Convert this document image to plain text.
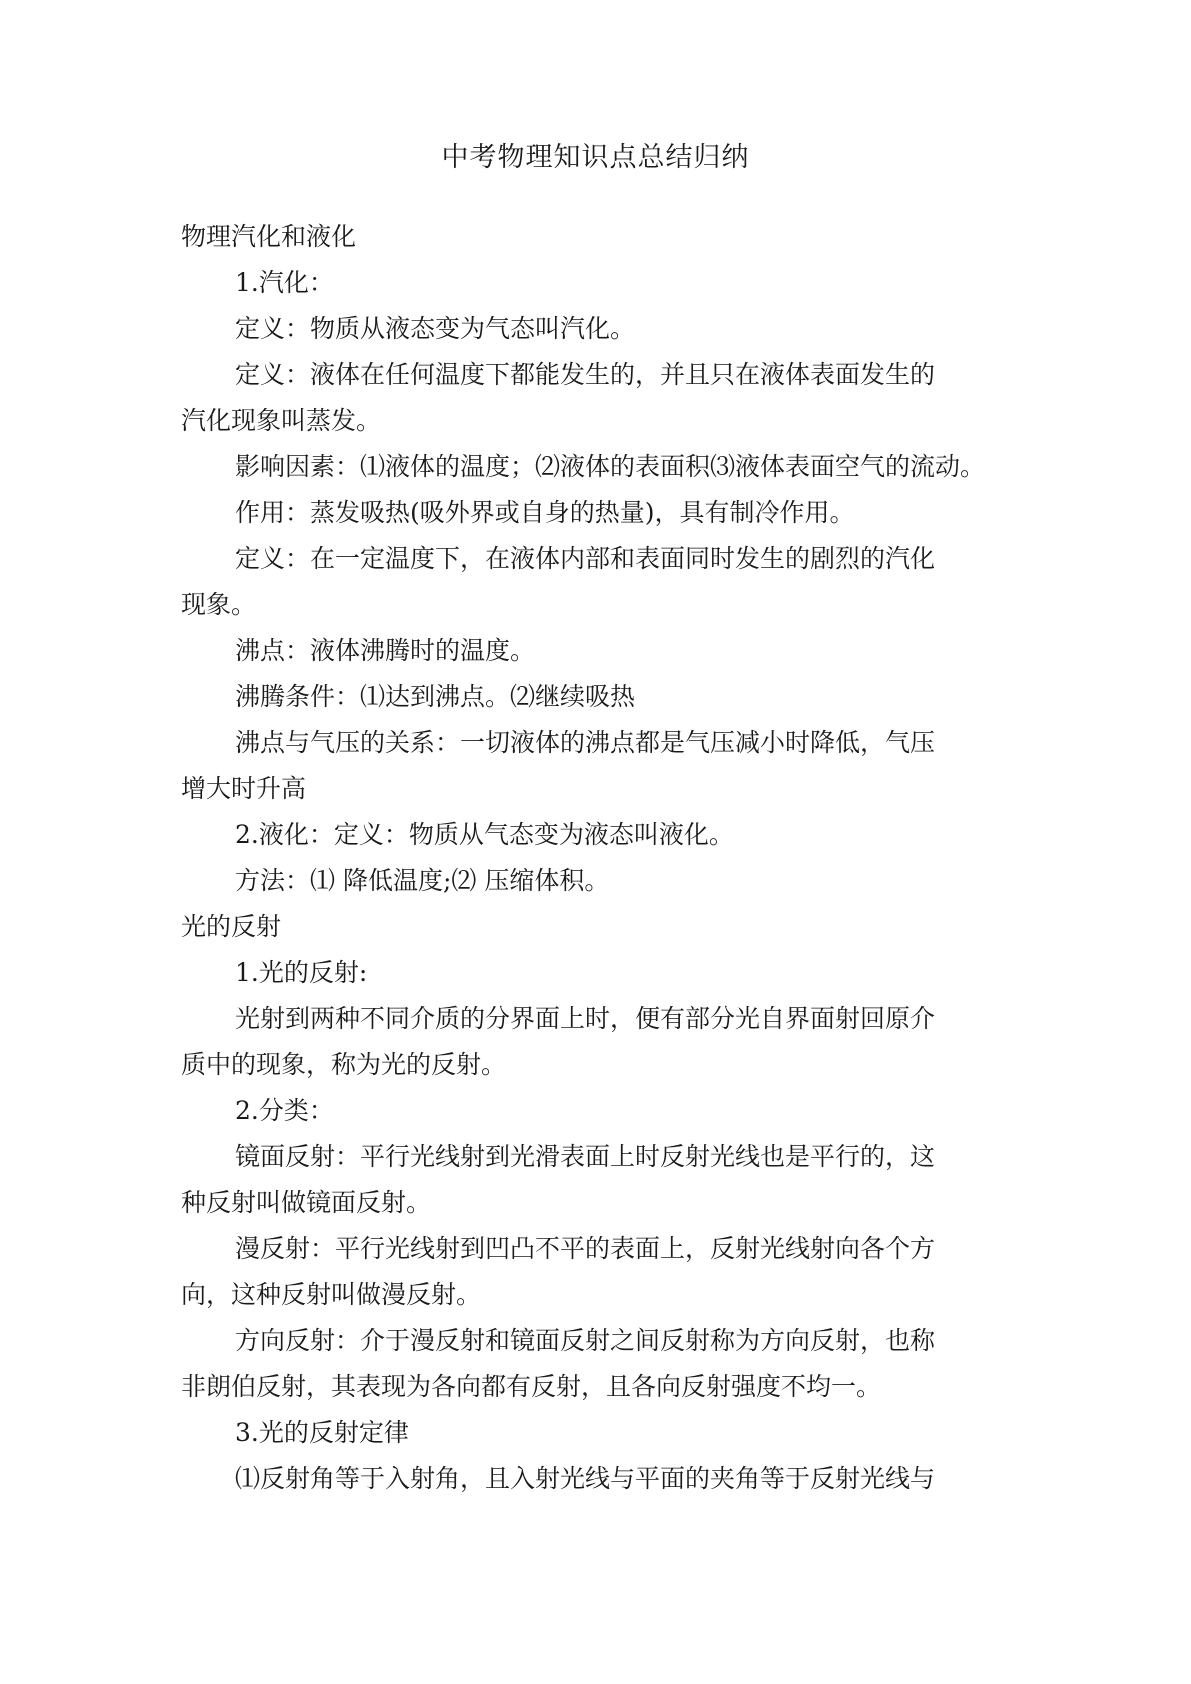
中考物理知识点总结归纳

物理汽化和液化

1.汽化：

定义：物质从液态变为气态叫汽化。

定义：液体在任何温度下都能发生的，并且只在液体表面发生的

汽化现象叫蒸发。

影响因素：⑴液体的温度；⑵液体的表面积⑶液体表面空气的流动。

作用：蒸发吸热(吸外界或自身的热量)，具有制冷作用。

定义：在一定温度下，在液体内部和表面同时发生的剧烈的汽化

现象。

沸点：液体沸腾时的温度。

沸腾条件：⑴达到沸点。⑵继续吸热

沸点与气压的关系：一切液体的沸点都是气压减小时降低，气压

增大时升高

2.液化：定义：物质从气态变为液态叫液化。

方法：⑴ 降低温度;⑵ 压缩体积。

光的反射

1.光的反射:

光射到两种不同介质的分界面上时，便有部分光自界面射回原介

质中的现象，称为光的反射。

2.分类：

镜面反射：平行光线射到光滑表面上时反射光线也是平行的，这

种反射叫做镜面反射。

漫反射：平行光线射到凹凸不平的表面上，反射光线射向各个方

向，这种反射叫做漫反射。

方向反射：介于漫反射和镜面反射之间反射称为方向反射，也称

非朗伯反射，其表现为各向都有反射，且各向反射强度不均一。

3.光的反射定律

⑴反射角等于入射角，且入射光线与平面的夹角等于反射光线与
